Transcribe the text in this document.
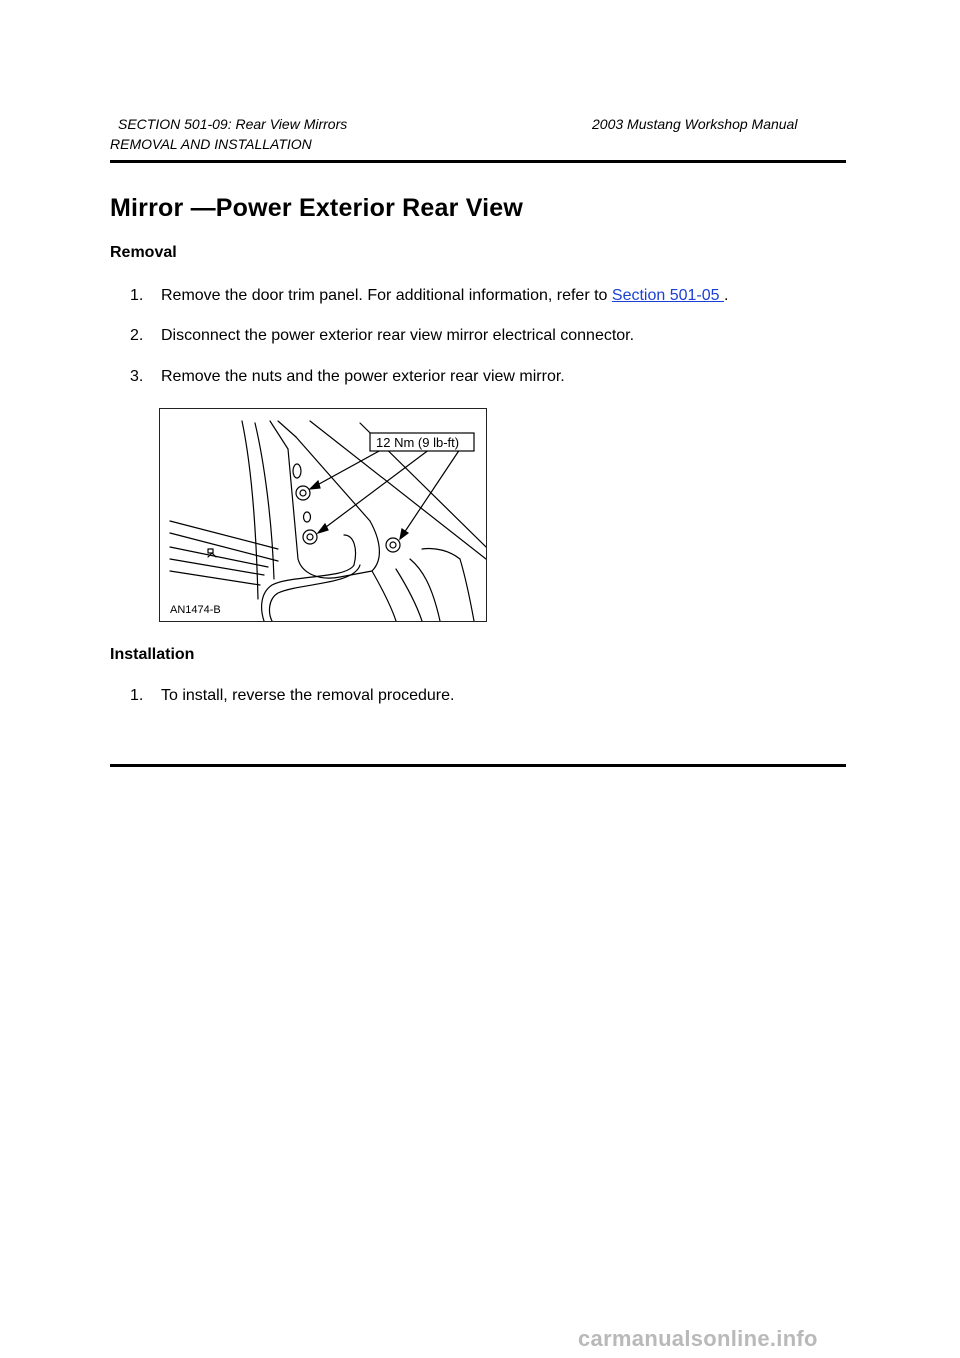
SECTION 501-09: Rear View Mirrors	2003 Mustang Workshop Manual
REMOVAL AND INSTALLATION
Mirror —Power Exterior Rear View
Removal
1. Remove the door trim panel. For additional information, refer to Section 501-05 .
2. Disconnect the power exterior rear view mirror electrical connector.
3. Remove the nuts and the power exterior rear view mirror.
12 Nm (9 lb-ft)
AN1474-B
Installation
1. To install, reverse the removal procedure.
carmanualsonline.info
